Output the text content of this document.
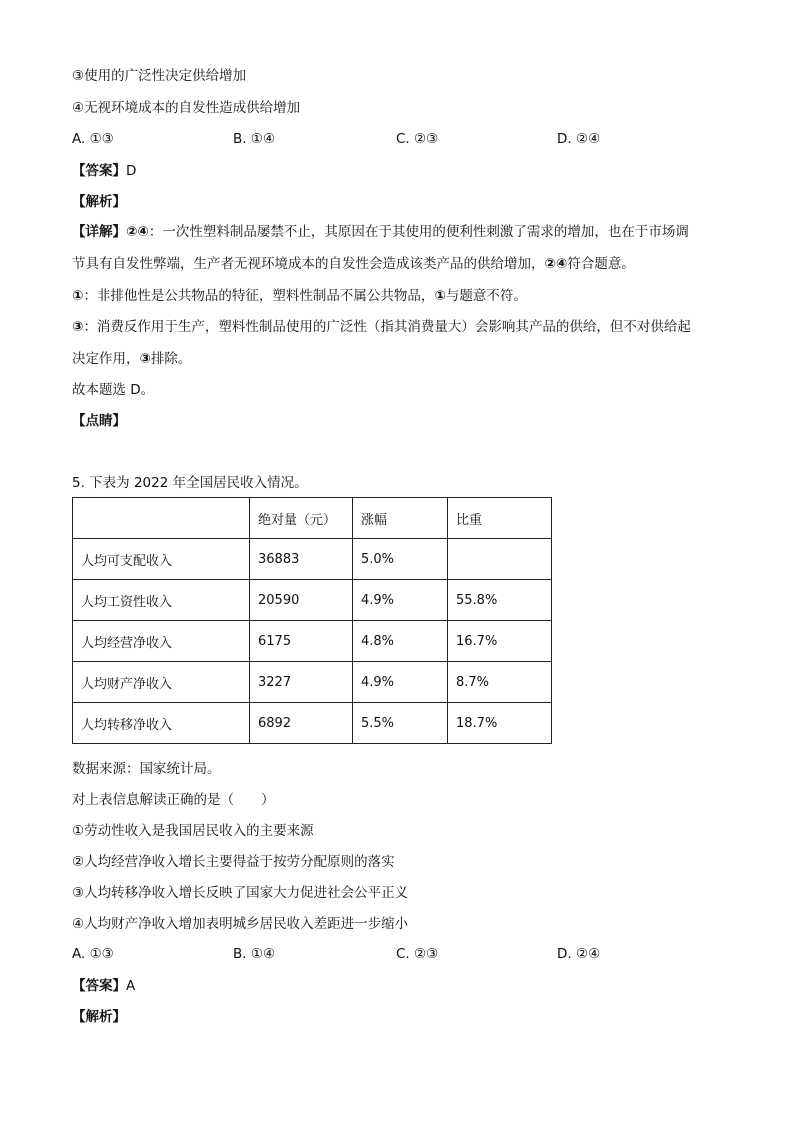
③使用的广泛性决定供给增加
④无视环境成本的自发性造成供给增加
A. ①③	B. ①④	C. ②③	D. ②④
【答案】D
【解析】
【详解】②④：一次性塑料制品屡禁不止，其原因在于其使用的便利性刺激了需求的增加，也在于市场调
节具有自发性弊端，生产者无视环境成本的自发性会造成该类产品的供给增加，②④符合题意。
①：非排他性是公共物品的特征，塑料性制品不属公共物品，①与题意不符。
③：消费反作用于生产，塑料性制品使用的广泛性（指其消费量大）会影响其产品的供给，但不对供给起
决定作用，③排除。
故本题选 D。
【点睛】
5. 下表为 2022 年全国居民收入情况。
	绝对量（元）	涨幅	比重
人均可支配收入	36883	5.0%	
人均工资性收入	20590	4.9%	55.8%
人均经营净收入	6175	4.8%	16.7%
人均财产净收入	3227	4.9%	8.7%
人均转移净收入	6892	5.5%	18.7%
数据来源：国家统计局。
对上表信息解读正确的是（　　）
①劳动性收入是我国居民收入的主要来源
②人均经营净收入增长主要得益于按劳分配原则的落实
③人均转移净收入增长反映了国家大力促进社会公平正义
④人均财产净收入增加表明城乡居民收入差距进一步缩小
A. ①③	B. ①④	C. ②③	D. ②④
【答案】A
【解析】
